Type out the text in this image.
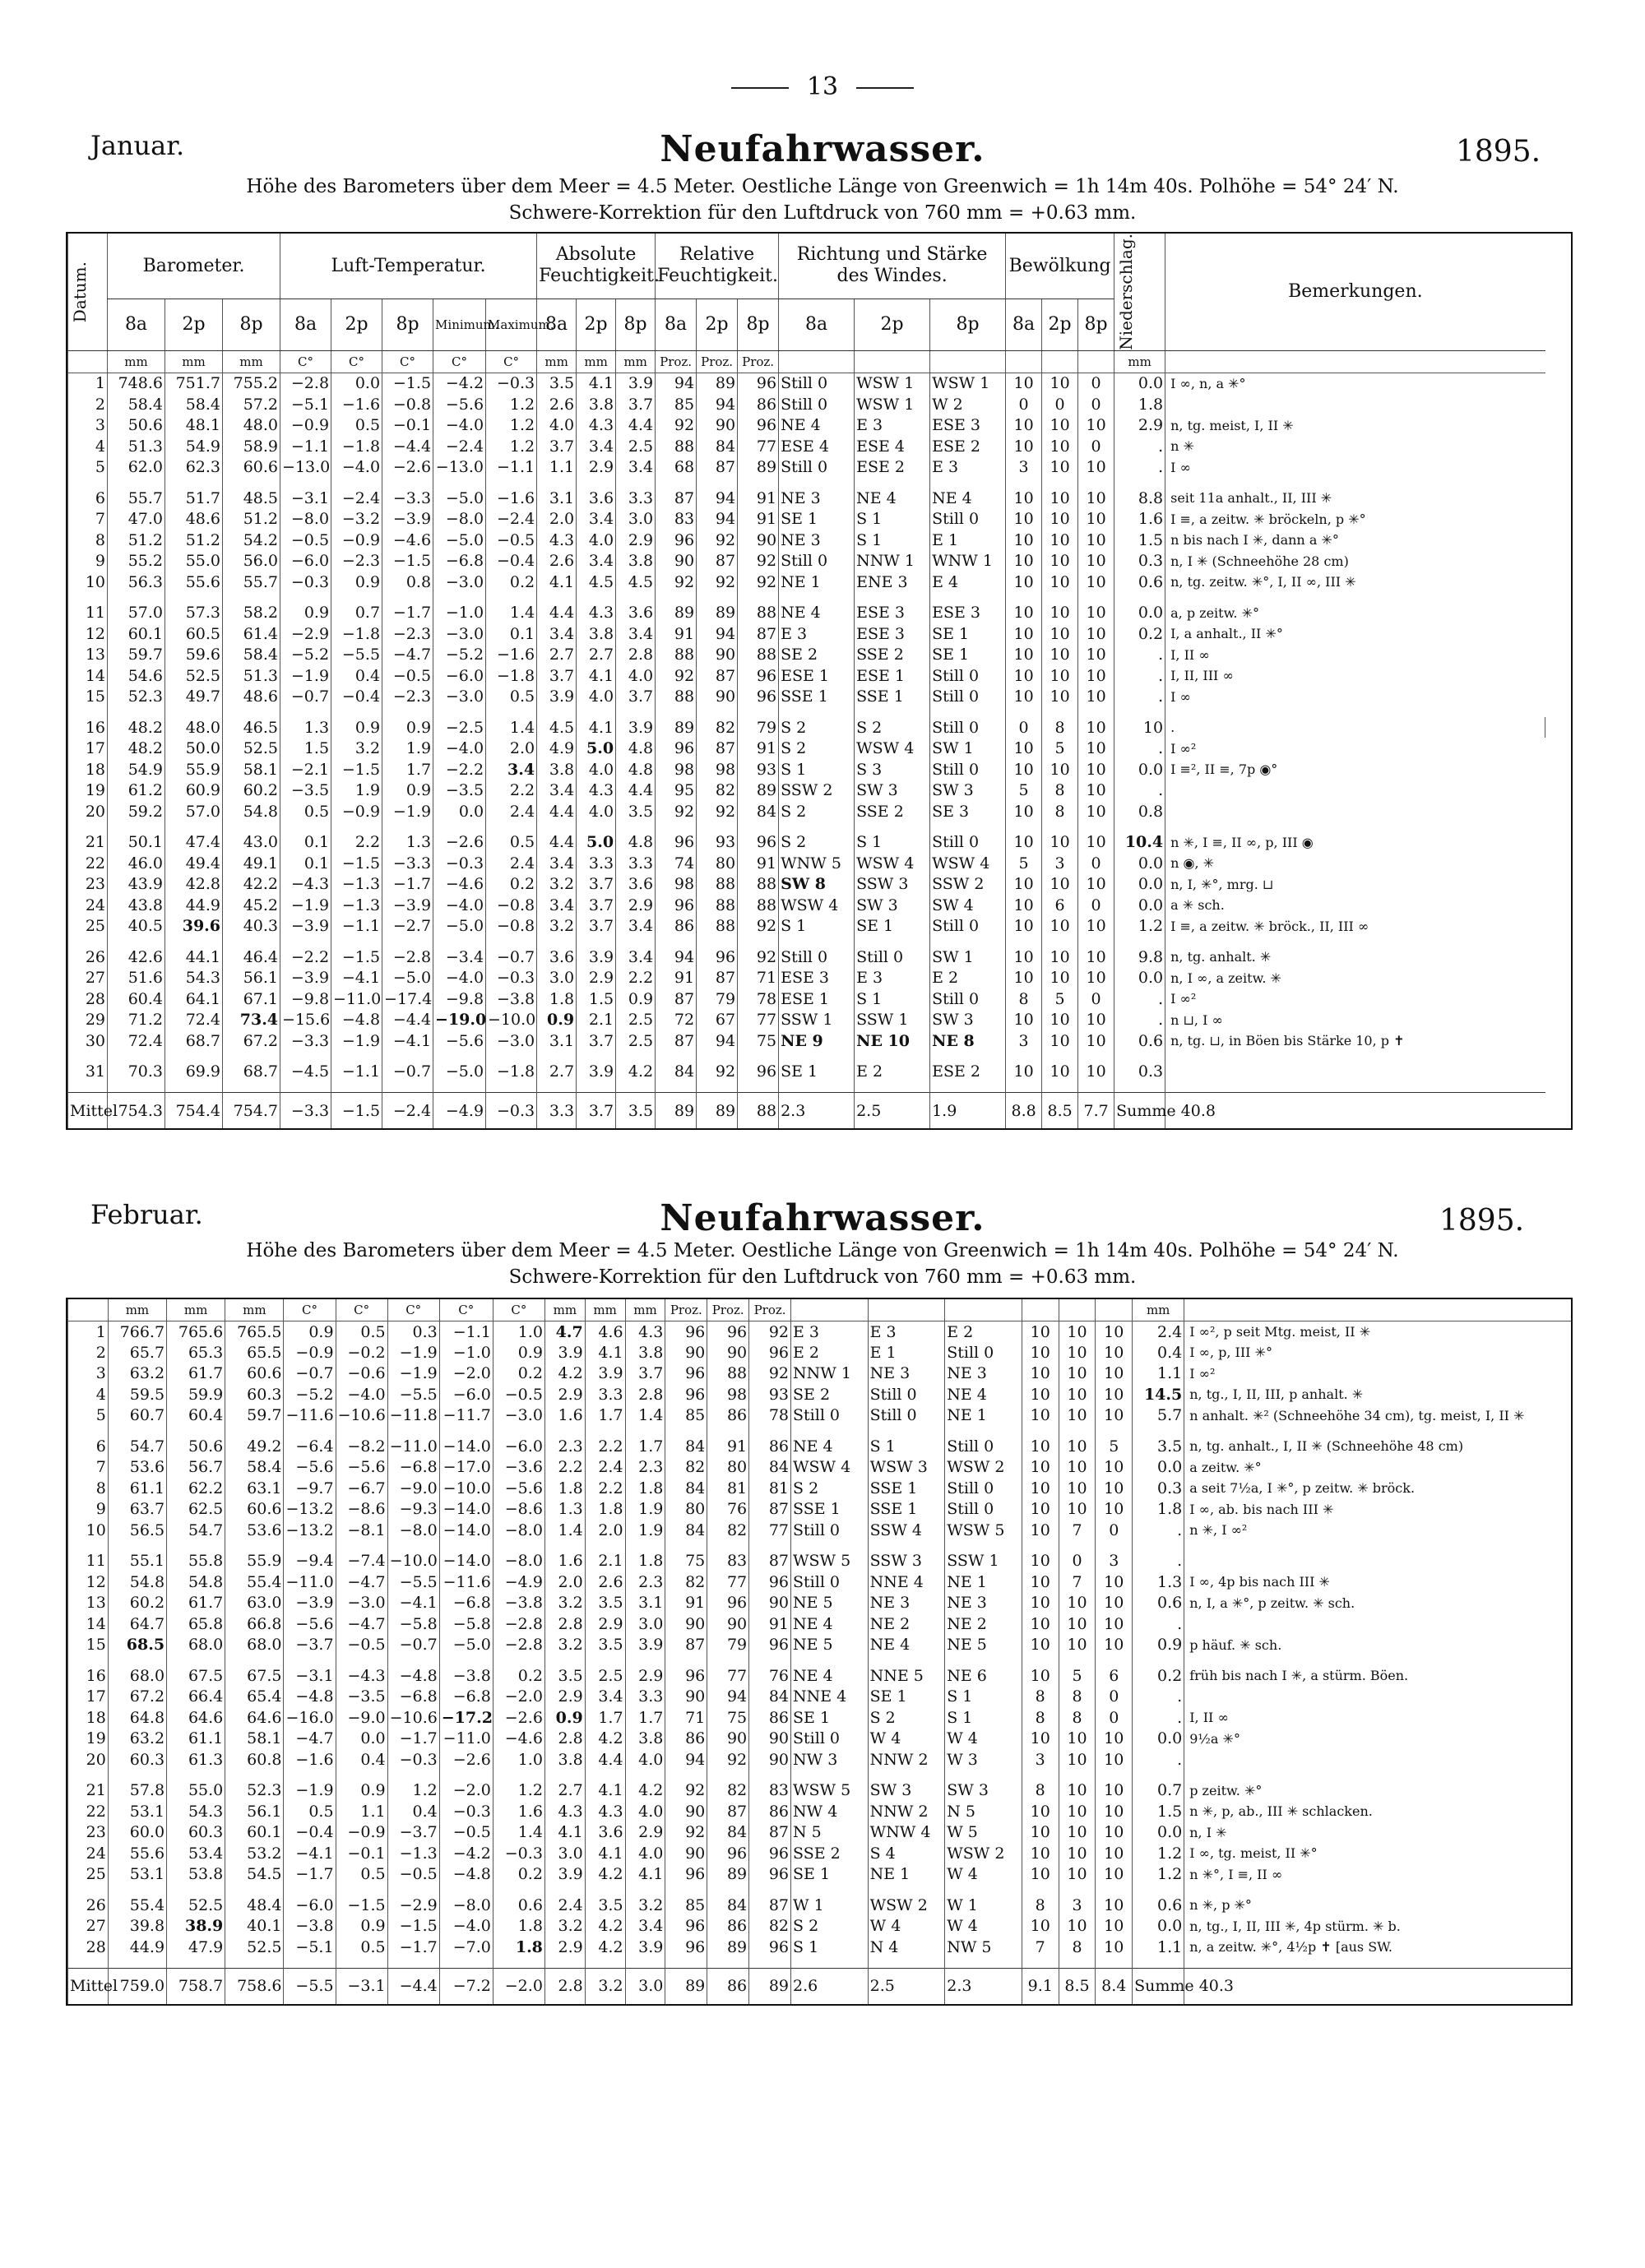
13
Januar.	Neufahrwasser.	1895.
Höhe des Barometers über dem Meer = 4.5 Meter. Oestliche Länge von Greenwich = 1h 14m 40s. Polhöhe = 54° 24′ N.
Schwere-Korrektion für den Luftdruck von 760 mm = +0.63 mm.
Datum.	Barometer.			Luft-Temperatur.					Absolute Feuchtigkeit.			Relative Feuchtigkeit.			Richtung und Stärke des Windes.			Bewölkung			Niederschlag.	Bemerkungen.	
	8a	2p	8p	8a	2p	8p	Minimum.	Maximum.	8a	2p	8p	8a	2p	8p	8a	2p	8p	8a	2p	8p			
	mm	mm	mm	C°	C°	C°	C°	C°	mm	mm	mm	Proz.	Proz.	Proz.							mm		
1	748.6	751.7	755.2	−2.8	0.0	−1.5	−4.2	−0.3	3.5	4.1	3.9	94	89	96	Still 0	WSW 1	WSW 1	10	10	0	0.0	I ∞, n, a ✳°	
2	58.4	58.4	57.2	−5.1	−1.6	−0.8	−5.6	1.2	2.6	3.8	3.7	85	94	86	Still 0	WSW 1	W 2	0	0	0	1.8		
3	50.6	48.1	48.0	−0.9	0.5	−0.1	−4.0	1.2	4.0	4.3	4.4	92	90	96	NE 4	E 3	ESE 3	10	10	10	2.9	n, tg. meist, I, II ✳	
4	51.3	54.9	58.9	−1.1	−1.8	−4.4	−2.4	1.2	3.7	3.4	2.5	88	84	77	ESE 4	ESE 4	ESE 2	10	10	0	.	n ✳	
5	62.0	62.3	60.6	−13.0	−4.0	−2.6	−13.0	−1.1	1.1	2.9	3.4	68	87	89	Still 0	ESE 2	E 3	3	10	10	.	I ∞	

6	55.7	51.7	48.5	−3.1	−2.4	−3.3	−5.0	−1.6	3.1	3.6	3.3	87	94	91	NE 3	NE 4	NE 4	10	10	10	8.8	seit 11a anhalt., II, III ✳	
7	47.0	48.6	51.2	−8.0	−3.2	−3.9	−8.0	−2.4	2.0	3.4	3.0	83	94	91	SE 1	S 1	Still 0	10	10	10	1.6	I ≡, a zeitw. ✳ bröckeln, p ✳°	
8	51.2	51.2	54.2	−0.5	−0.9	−4.6	−5.0	−0.5	4.3	4.0	2.9	96	92	90	NE 3	S 1	E 1	10	10	10	1.5	n bis nach I ✳, dann a ✳°	
9	55.2	55.0	56.0	−6.0	−2.3	−1.5	−6.8	−0.4	2.6	3.4	3.8	90	87	92	Still 0	NNW 1	WNW 1	10	10	10	0.3	n, I ✳ (Schneehöhe 28 cm)	
10	56.3	55.6	55.7	−0.3	0.9	0.8	−3.0	0.2	4.1	4.5	4.5	92	92	92	NE 1	ENE 3	E 4	10	10	10	0.6	n, tg. zeitw. ✳°, I, II ∞, III ✳	

11	57.0	57.3	58.2	0.9	0.7	−1.7	−1.0	1.4	4.4	4.3	3.6	89	89	88	NE 4	ESE 3	ESE 3	10	10	10	0.0	a, p zeitw. ✳°	
12	60.1	60.5	61.4	−2.9	−1.8	−2.3	−3.0	0.1	3.4	3.8	3.4	91	94	87	E 3	ESE 3	SE 1	10	10	10	0.2	I, a anhalt., II ✳°	
13	59.7	59.6	58.4	−5.2	−5.5	−4.7	−5.2	−1.6	2.7	2.7	2.8	88	90	88	SE 2	SSE 2	SE 1	10	10	10	.	I, II ∞	
14	54.6	52.5	51.3	−1.9	0.4	−0.5	−6.0	−1.8	3.7	4.1	4.0	92	87	96	ESE 1	ESE 1	Still 0	10	10	10	.	I, II, III ∞	
15	52.3	49.7	48.6	−0.7	−0.4	−2.3	−3.0	0.5	3.9	4.0	3.7	88	90	96	SSE 1	SSE 1	Still 0	10	10	10	.	I ∞	

16	48.2	48.0	46.5	1.3	0.9	0.9	−2.5	1.4	4.5	4.1	3.9	89	82	79	S 2	S 2	Still 0	0	8	10	10	.	
17	48.2	50.0	52.5	1.5	3.2	1.9	−4.0	2.0	4.9	5.0	4.8	96	87	91	S 2	WSW 4	SW 1	10	5	10	.	I ∞²	
18	54.9	55.9	58.1	−2.1	−1.5	1.7	−2.2	3.4	3.8	4.0	4.8	98	98	93	S 1	S 3	Still 0	10	10	10	0.0	I ≡², II ≡, 7p ◉°	
19	61.2	60.9	60.2	−3.5	1.9	0.9	−3.5	2.2	3.4	4.3	4.4	95	82	89	SSW 2	SW 3	SW 3	5	8	10	.		
20	59.2	57.0	54.8	0.5	−0.9	−1.9	0.0	2.4	4.4	4.0	3.5	92	92	84	S 2	SSE 2	SE 3	10	8	10	0.8		

21	50.1	47.4	43.0	0.1	2.2	1.3	−2.6	0.5	4.4	5.0	4.8	96	93	96	S 2	S 1	Still 0	10	10	10	10.4	n ✳, I ≡, II ∞, p, III ◉	
22	46.0	49.4	49.1	0.1	−1.5	−3.3	−0.3	2.4	3.4	3.3	3.3	74	80	91	WNW 5	WSW 4	WSW 4	5	3	0	0.0	n ◉, ✳	
23	43.9	42.8	42.2	−4.3	−1.3	−1.7	−4.6	0.2	3.2	3.7	3.6	98	88	88	SW 8	SSW 3	SSW 2	10	10	10	0.0	n, I, ✳°, mrg. ⊔	
24	43.8	44.9	45.2	−1.9	−1.3	−3.9	−4.0	−0.8	3.4	3.7	2.9	96	88	88	WSW 4	SW 3	SW 4	10	6	0	0.0	a ✳ sch.	
25	40.5	39.6	40.3	−3.9	−1.1	−2.7	−5.0	−0.8	3.2	3.7	3.4	86	88	92	S 1	SE 1	Still 0	10	10	10	1.2	I ≡, a zeitw. ✳ bröck., II, III ∞	

26	42.6	44.1	46.4	−2.2	−1.5	−2.8	−3.4	−0.7	3.6	3.9	3.4	94	96	92	Still 0	Still 0	SW 1	10	10	10	9.8	n, tg. anhalt. ✳	
27	51.6	54.3	56.1	−3.9	−4.1	−5.0	−4.0	−0.3	3.0	2.9	2.2	91	87	71	ESE 3	E 3	E 2	10	10	10	0.0	n, I ∞, a zeitw. ✳	
28	60.4	64.1	67.1	−9.8	−11.0	−17.4	−9.8	−3.8	1.8	1.5	0.9	87	79	78	ESE 1	S 1	Still 0	8	5	0	.	I ∞²	
29	71.2	72.4	73.4	−15.6	−4.8	−4.4	−19.0	−10.0	0.9	2.1	2.5	72	67	77	SSW 1	SSW 1	SW 3	10	10	10	.	n ⊔, I ∞	
30	72.4	68.7	67.2	−3.3	−1.9	−4.1	−5.6	−3.0	3.1	3.7	2.5	87	94	75	NE 9	NE 10	NE 8	3	10	10	0.6	n, tg. ⊔, in Böen bis Stärke 10, p ✝	

31	70.3	69.9	68.7	−4.5	−1.1	−0.7	−5.0	−1.8	2.7	3.9	4.2	84	92	96	SE 1	E 2	ESE 2	10	10	10	0.3		

Mittel	754.3	754.4	754.7	−3.3	−1.5	−2.4	−4.9	−0.3	3.3	3.7	3.5	89	89	88	2.3	2.5	1.9	8.8	8.5	7.7	Summe 40.8		
Februar.	Neufahrwasser.	1895.
Höhe des Barometers über dem Meer = 4.5 Meter. Oestliche Länge von Greenwich = 1h 14m 40s. Polhöhe = 54° 24′ N.
Schwere-Korrektion für den Luftdruck von 760 mm = +0.63 mm.
	mm	mm	mm	C°	C°	C°	C°	C°	mm	mm	mm	Proz.	Proz.	Proz.							mm	
1	766.7	765.6	765.5	0.9	0.5	0.3	−1.1	1.0	4.7	4.6	4.3	96	96	92	E 3	E 3	E 2	10	10	10	2.4	I ∞², p seit Mtg. meist, II ✳
2	65.7	65.3	65.5	−0.9	−0.2	−1.9	−1.0	0.9	3.9	4.1	3.8	90	90	96	E 2	E 1	Still 0	10	10	10	0.4	I ∞, p, III ✳°
3	63.2	61.7	60.6	−0.7	−0.6	−1.9	−2.0	0.2	4.2	3.9	3.7	96	88	92	NNW 1	NE 3	NE 3	10	10	10	1.1	I ∞²
4	59.5	59.9	60.3	−5.2	−4.0	−5.5	−6.0	−0.5	2.9	3.3	2.8	96	98	93	SE 2	Still 0	NE 4	10	10	10	14.5	n, tg., I, II, III, p anhalt. ✳
5	60.7	60.4	59.7	−11.6	−10.6	−11.8	−11.7	−3.0	1.6	1.7	1.4	85	86	78	Still 0	Still 0	NE 1	10	10	10	5.7	n anhalt. ✳² (Schneehöhe 34 cm), tg. meist, I, II ✳

6	54.7	50.6	49.2	−6.4	−8.2	−11.0	−14.0	−6.0	2.3	2.2	1.7	84	91	86	NE 4	S 1	Still 0	10	10	5	3.5	n, tg. anhalt., I, II ✳ (Schneehöhe 48 cm)
7	53.6	56.7	58.4	−5.6	−5.6	−6.8	−17.0	−3.6	2.2	2.4	2.3	82	80	84	WSW 4	WSW 3	WSW 2	10	10	10	0.0	a zeitw. ✳°
8	61.1	62.2	63.1	−9.7	−6.7	−9.0	−10.0	−5.6	1.8	2.2	1.8	84	81	81	S 2	SSE 1	Still 0	10	10	10	0.3	a seit 7½a, I ✳°, p zeitw. ✳ bröck.
9	63.7	62.5	60.6	−13.2	−8.6	−9.3	−14.0	−8.6	1.3	1.8	1.9	80	76	87	SSE 1	SSE 1	Still 0	10	10	10	1.8	I ∞, ab. bis nach III ✳
10	56.5	54.7	53.6	−13.2	−8.1	−8.0	−14.0	−8.0	1.4	2.0	1.9	84	82	77	Still 0	SSW 4	WSW 5	10	7	0	.	n ✳, I ∞²

11	55.1	55.8	55.9	−9.4	−7.4	−10.0	−14.0	−8.0	1.6	2.1	1.8	75	83	87	WSW 5	SSW 3	SSW 1	10	0	3	.	
12	54.8	54.8	55.4	−11.0	−4.7	−5.5	−11.6	−4.9	2.0	2.6	2.3	82	77	96	Still 0	NNE 4	NE 1	10	7	10	1.3	I ∞, 4p bis nach III ✳
13	60.2	61.7	63.0	−3.9	−3.0	−4.1	−6.8	−3.8	3.2	3.5	3.1	91	96	90	NE 5	NE 3	NE 3	10	10	10	0.6	n, I, a ✳°, p zeitw. ✳ sch.
14	64.7	65.8	66.8	−5.6	−4.7	−5.8	−5.8	−2.8	2.8	2.9	3.0	90	90	91	NE 4	NE 2	NE 2	10	10	10	.	
15	68.5	68.0	68.0	−3.7	−0.5	−0.7	−5.0	−2.8	3.2	3.5	3.9	87	79	96	NE 5	NE 4	NE 5	10	10	10	0.9	p häuf. ✳ sch.

16	68.0	67.5	67.5	−3.1	−4.3	−4.8	−3.8	0.2	3.5	2.5	2.9	96	77	76	NE 4	NNE 5	NE 6	10	5	6	0.2	früh bis nach I ✳, a stürm. Böen.
17	67.2	66.4	65.4	−4.8	−3.5	−6.8	−6.8	−2.0	2.9	3.4	3.3	90	94	84	NNE 4	SE 1	S 1	8	8	0	.	
18	64.8	64.6	64.6	−16.0	−9.0	−10.6	−17.2	−2.6	0.9	1.7	1.7	71	75	86	SE 1	S 2	S 1	8	8	0	.	I, II ∞
19	63.2	61.1	58.1	−4.7	0.0	−1.7	−11.0	−4.6	2.8	4.2	3.8	86	90	90	Still 0	W 4	W 4	10	10	10	0.0	9½a ✳°
20	60.3	61.3	60.8	−1.6	0.4	−0.3	−2.6	1.0	3.8	4.4	4.0	94	92	90	NW 3	NNW 2	W 3	3	10	10	.	

21	57.8	55.0	52.3	−1.9	0.9	1.2	−2.0	1.2	2.7	4.1	4.2	92	82	83	WSW 5	SW 3	SW 3	8	10	10	0.7	p zeitw. ✳°
22	53.1	54.3	56.1	0.5	1.1	0.4	−0.3	1.6	4.3	4.3	4.0	90	87	86	NW 4	NNW 2	N 5	10	10	10	1.5	n ✳, p, ab., III ✳ schlacken.
23	60.0	60.3	60.1	−0.4	−0.9	−3.7	−0.5	1.4	4.1	3.6	2.9	92	84	87	N 5	WNW 4	W 5	10	10	10	0.0	n, I ✳
24	55.6	53.4	53.2	−4.1	−0.1	−1.3	−4.2	−0.3	3.0	4.1	4.0	90	96	96	SSE 2	S 4	WSW 2	10	10	10	1.2	I ∞, tg. meist, II ✳°
25	53.1	53.8	54.5	−1.7	0.5	−0.5	−4.8	0.2	3.9	4.2	4.1	96	89	96	SE 1	NE 1	W 4	10	10	10	1.2	n ✳°, I ≡, II ∞

26	55.4	52.5	48.4	−6.0	−1.5	−2.9	−8.0	0.6	2.4	3.5	3.2	85	84	87	W 1	WSW 2	W 1	8	3	10	0.6	n ✳, p ✳°
27	39.8	38.9	40.1	−3.8	0.9	−1.5	−4.0	1.8	3.2	4.2	3.4	96	86	82	S 2	W 4	W 4	10	10	10	0.0	n, tg., I, II, III ✳, 4p stürm. ✳ b.
28	44.9	47.9	52.5	−5.1	0.5	−1.7	−7.0	1.8	2.9	4.2	3.9	96	89	96	S 1	N 4	NW 5	7	8	10	1.1	n, a zeitw. ✳°, 4½p ✝ [aus SW.

Mittel	759.0	758.7	758.6	−5.5	−3.1	−4.4	−7.2	−2.0	2.8	3.2	3.0	89	86	89	2.6	2.5	2.3	9.1	8.5	8.4	Summe 40.3	
